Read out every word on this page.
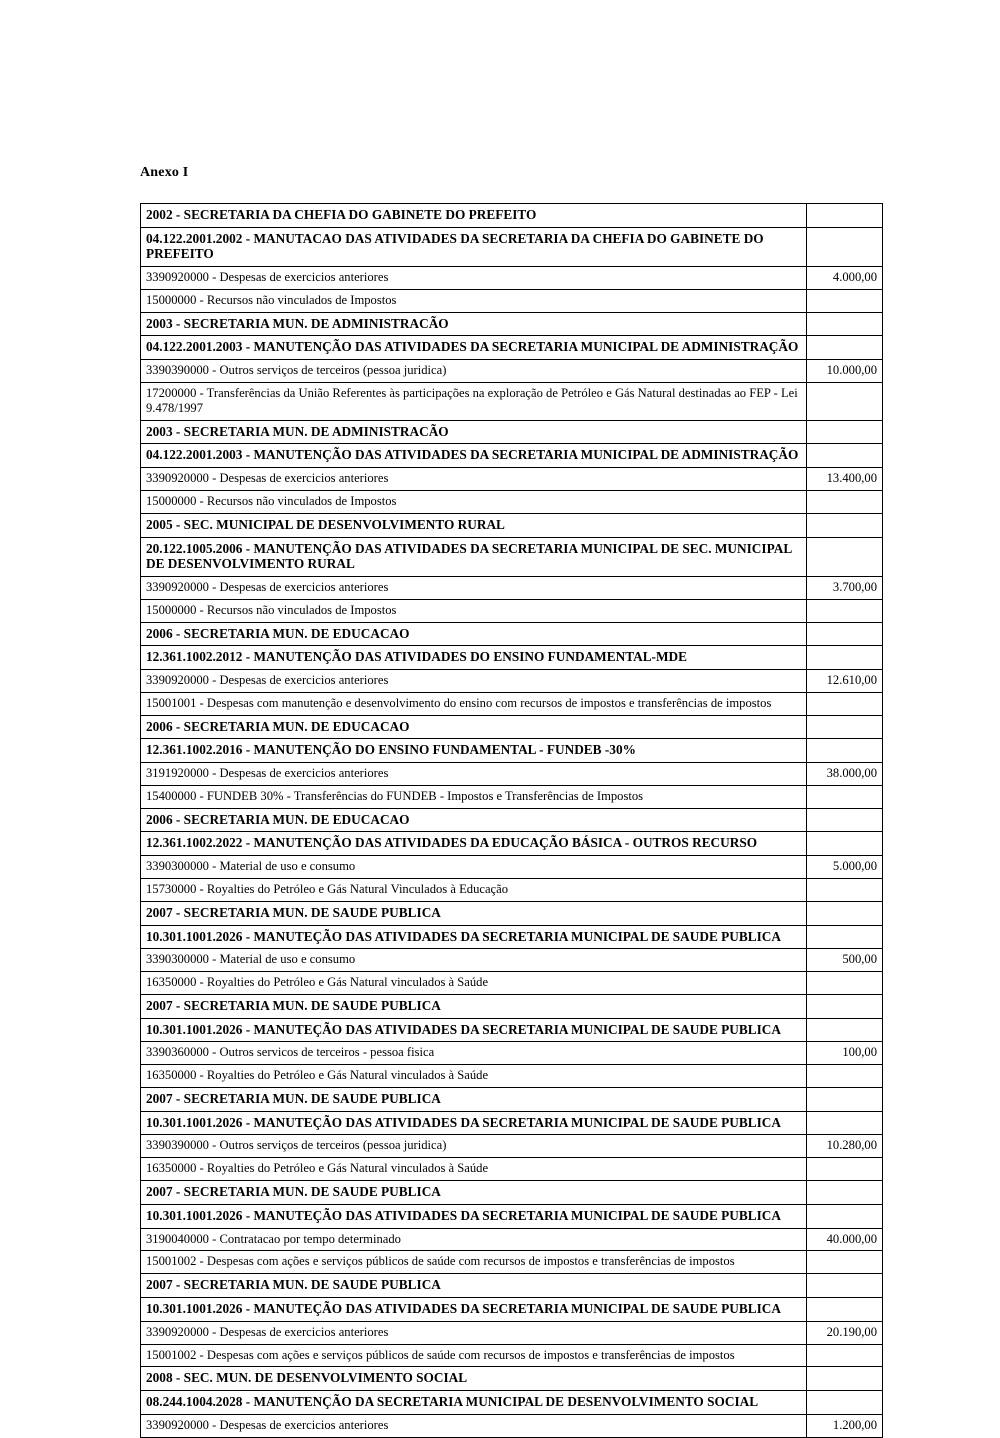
Anexo I
2002 - SECRETARIA DA CHEFIA DO GABINETE DO PREFEITO	
04.122.2001.2002 - MANUTACAO DAS ATIVIDADES DA SECRETARIA DA CHEFIA DO GABINETE DO PREFEITO	
3390920000 - Despesas de exercicios anteriores	4.000,00
15000000 - Recursos não vinculados de Impostos	
2003 - SECRETARIA MUN. DE ADMINISTRACÃO	
04.122.2001.2003 - MANUTENÇÃO DAS ATIVIDADES DA SECRETARIA MUNICIPAL DE ADMINISTRAÇÃO	
3390390000 - Outros serviços de terceiros (pessoa juridica)	10.000,00
17200000 - Transferências da União Referentes às participações na exploração de Petróleo e Gás Natural destinadas ao FEP - Lei 9.478/1997	
2003 - SECRETARIA MUN. DE ADMINISTRACÃO	
04.122.2001.2003 - MANUTENÇÃO DAS ATIVIDADES DA SECRETARIA MUNICIPAL DE ADMINISTRAÇÃO	
3390920000 - Despesas de exercicios anteriores	13.400,00
15000000 - Recursos não vinculados de Impostos	
2005 - SEC. MUNICIPAL DE DESENVOLVIMENTO RURAL	
20.122.1005.2006 - MANUTENÇÃO DAS ATIVIDADES DA SECRETARIA MUNICIPAL DE SEC. MUNICIPAL DE DESENVOLVIMENTO RURAL	
3390920000 - Despesas de exercicios anteriores	3.700,00
15000000 - Recursos não vinculados de Impostos	
2006 - SECRETARIA MUN. DE EDUCACAO	
12.361.1002.2012 - MANUTENÇÃO DAS ATIVIDADES DO ENSINO FUNDAMENTAL-MDE	
3390920000 - Despesas de exercicios anteriores	12.610,00
15001001 - Despesas com manutenção e desenvolvimento do ensino com recursos de impostos e transferências de impostos	
2006 - SECRETARIA MUN. DE EDUCACAO	
12.361.1002.2016 - MANUTENÇÃO DO ENSINO FUNDAMENTAL - FUNDEB -30%	
3191920000 - Despesas de exercicios anteriores	38.000,00
15400000 - FUNDEB 30% - Transferências do FUNDEB - Impostos e Transferências de Impostos	
2006 - SECRETARIA MUN. DE EDUCACAO	
12.361.1002.2022 - MANUTENÇÃO DAS ATIVIDADES DA EDUCAÇÃO BÁSICA - OUTROS RECURSO	
3390300000 - Material de uso e consumo	5.000,00
15730000 - Royalties do Petróleo e Gás Natural Vinculados à Educação	
2007 - SECRETARIA MUN. DE SAUDE PUBLICA	
10.301.1001.2026 - MANUTEÇÃO DAS ATIVIDADES DA SECRETARIA MUNICIPAL DE SAUDE PUBLICA	
3390300000 - Material de uso e consumo	500,00
16350000 - Royalties do Petróleo e Gás Natural vinculados à Saúde	
2007 - SECRETARIA MUN. DE SAUDE PUBLICA	
10.301.1001.2026 - MANUTEÇÃO DAS ATIVIDADES DA SECRETARIA MUNICIPAL DE SAUDE PUBLICA	
3390360000 - Outros servicos de terceiros - pessoa fisica	100,00
16350000 - Royalties do Petróleo e Gás Natural vinculados à Saúde	
2007 - SECRETARIA MUN. DE SAUDE PUBLICA	
10.301.1001.2026 - MANUTEÇÃO DAS ATIVIDADES DA SECRETARIA MUNICIPAL DE SAUDE PUBLICA	
3390390000 - Outros serviços de terceiros (pessoa juridica)	10.280,00
16350000 - Royalties do Petróleo e Gás Natural vinculados à Saúde	
2007 - SECRETARIA MUN. DE SAUDE PUBLICA	
10.301.1001.2026 - MANUTEÇÃO DAS ATIVIDADES DA SECRETARIA MUNICIPAL DE SAUDE PUBLICA	
3190040000 - Contratacao por tempo determinado	40.000,00
15001002 - Despesas com ações e serviços públicos de saúde com recursos de impostos e transferências de impostos	
2007 - SECRETARIA MUN. DE SAUDE PUBLICA	
10.301.1001.2026 - MANUTEÇÃO DAS ATIVIDADES DA SECRETARIA MUNICIPAL DE SAUDE PUBLICA	
3390920000 - Despesas de exercicios anteriores	20.190,00
15001002 - Despesas com ações e serviços públicos de saúde com recursos de impostos e transferências de impostos	
2008 - SEC. MUN. DE DESENVOLVIMENTO SOCIAL	
08.244.1004.2028 - MANUTENÇÃO DA SECRETARIA MUNICIPAL DE DESENVOLVIMENTO SOCIAL	
3390920000 - Despesas de exercicios anteriores	1.200,00
